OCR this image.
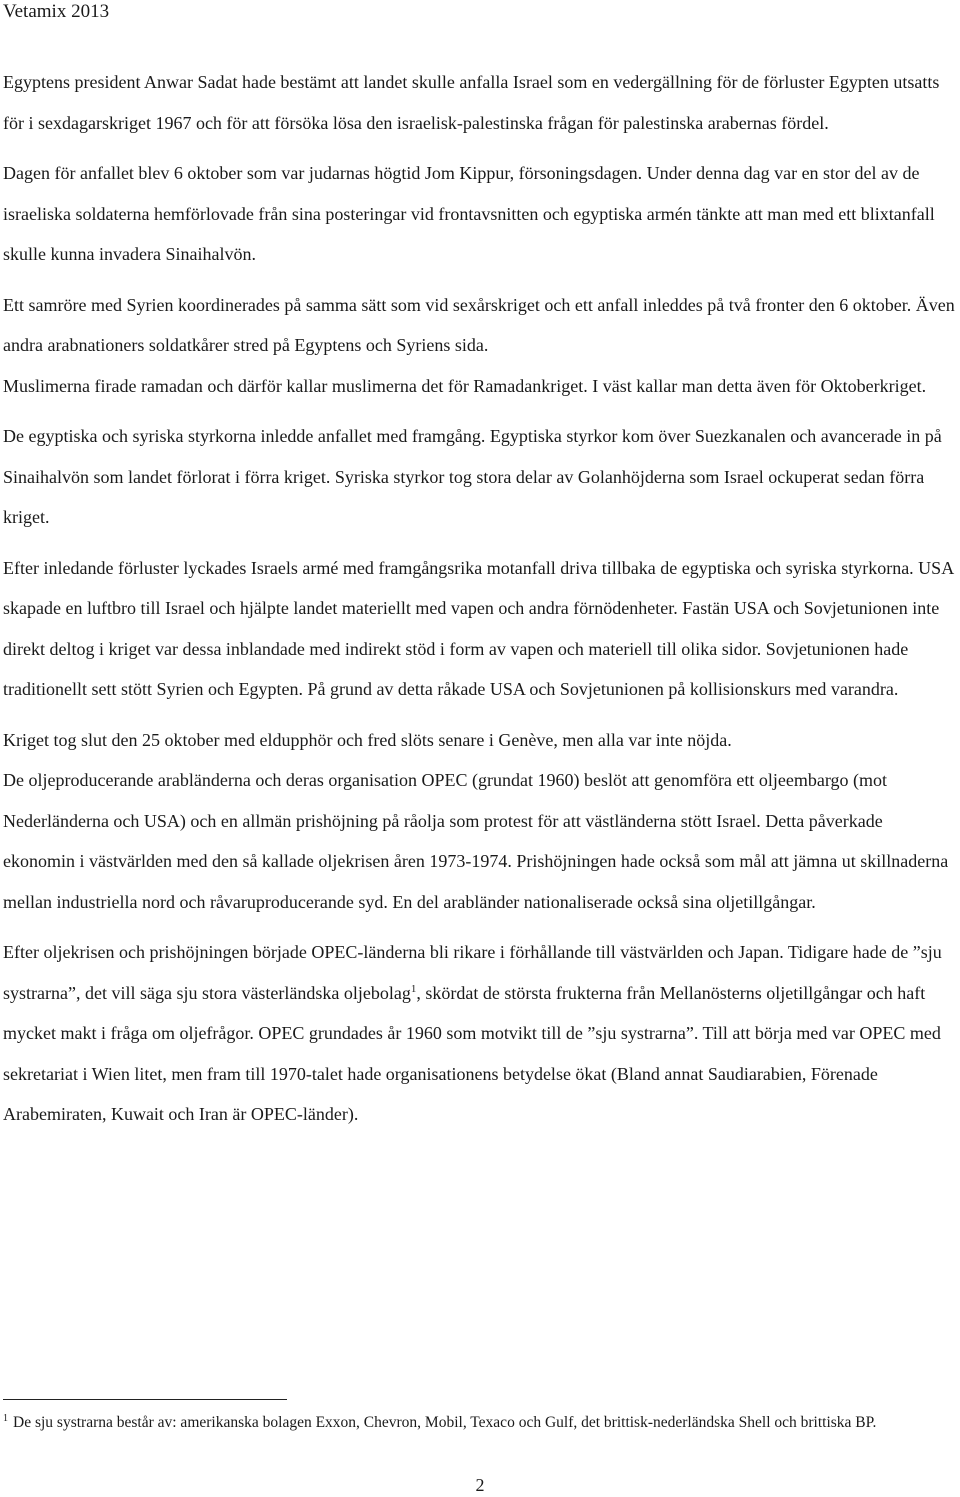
Vetamix 2013

Egyptens president Anwar Sadat hade bestämt att landet skulle anfalla Israel som en vedergällning för de förluster Egypten utsatts för i sexdagarskriget 1967 och för att försöka lösa den israelisk-palestinska frågan för palestinska arabernas fördel.

Dagen för anfallet blev 6 oktober som var judarnas högtid Jom Kippur, försoningsdagen. Under denna dag var en stor del av de israeliska soldaterna hemförlovade från sina posteringar vid frontavsnitten och egyptiska armén tänkte att man med ett blixtanfall skulle kunna invadera Sinaihalvön.

Ett samröre med Syrien koordinerades på samma sätt som vid sexårskriget och ett anfall inleddes på två fronter den 6 oktober. Även andra arabnationers soldatkårer stred på Egyptens och Syriens sida.

Muslimerna firade ramadan och därför kallar muslimerna det för Ramadankriget. I väst kallar man detta även för Oktoberkriget.

De egyptiska och syriska styrkorna inledde anfallet med framgång. Egyptiska styrkor kom över Suezkanalen och avancerade in på Sinaihalvön som landet förlorat i förra kriget. Syriska styrkor tog stora delar av Golanhöjderna som Israel ockuperat sedan förra kriget.

Efter inledande förluster lyckades Israels armé med framgångsrika motanfall driva tillbaka de egyptiska och syriska styrkorna. USA skapade en luftbro till Israel och hjälpte landet materiellt med vapen och andra förnödenheter. Fastän USA och Sovjetunionen inte direkt deltog i kriget var dessa inblandade med indirekt stöd i form av vapen och materiell till olika sidor. Sovjetunionen hade traditionellt sett stött Syrien och Egypten. På grund av detta råkade USA och Sovjetunionen på kollisionskurs med varandra.

Kriget tog slut den 25 oktober med eldupphör och fred slöts senare i Genève, men alla var inte nöjda.

De oljeproducerande arabländerna och deras organisation OPEC (grundat 1960) beslöt att genomföra ett oljeembargo (mot Nederländerna och USA) och en allmän prishöjning på råolja som protest för att västländerna stött Israel. Detta påverkade ekonomin i västvärlden med den så kallade oljekrisen åren 1973-1974. Prishöjningen hade också som mål att jämna ut skillnaderna mellan industriella nord och råvaruproducerande syd. En del arabländer nationaliserade också sina oljetillgångar.

Efter oljekrisen och prishöjningen började OPEC-länderna bli rikare i förhållande till västvärlden och Japan. Tidigare hade de ”sju systrarna”, det vill säga sju stora västerländska oljebolag$^1$, skördat de största frukterna från Mellanösterns oljetillgångar och haft mycket makt i fråga om oljefrågor. OPEC grundades år 1960 som motvikt till de ”sju systrarna”. Till att börja med var OPEC med sekretariat i Wien litet, men fram till 1970-talet hade organisationens betydelse ökat (Bland annat Saudiarabien, Förenade Arabemiraten, Kuwait och Iran är OPEC-länder).

$^1$ De sju systrarna består av: amerikanska bolagen Exxon, Chevron, Mobil, Texaco och Gulf, det brittisk-nederländska Shell och brittiska BP.
2
